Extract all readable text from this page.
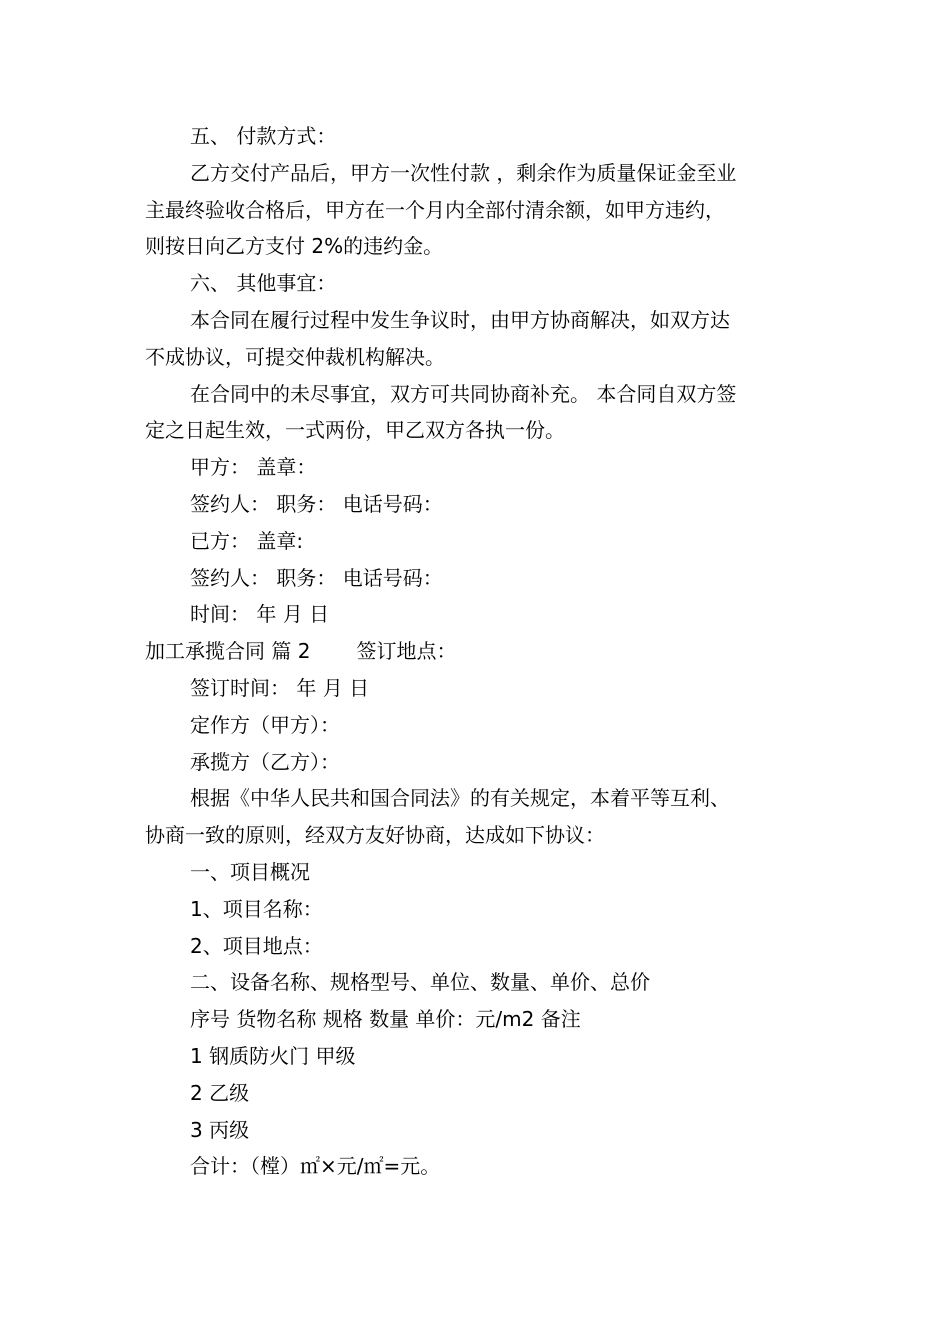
五、 付款方式：
乙方交付产品后，甲方一次性付款 ，剩余作为质量保证金至业
主最终验收合格后，甲方在一个月内全部付清余额，如甲方违约，
则按日向乙方支付 2%的违约金。
六、 其他事宜：
本合同在履行过程中发生争议时，由甲方协商解决，如双方达
不成协议，可提交仲裁机构解决。
在合同中的未尽事宜，双方可共同协商补充。 本合同自双方签
定之日起生效，一式两份，甲乙双方各执一份。
甲方： 盖章：
签约人： 职务： 电话号码：
已方： 盖章:
签约人： 职务： 电话号码：
时间： 年 月 日
加工承揽合同 篇 2 签订地点：
签订时间： 年 月 日
定作方（甲方）：
承揽方（乙方）：
根据《中华人民共和国合同法》的有关规定，本着平等互利、
协商一致的原则，经双方友好协商，达成如下协议：
一、项目概况
1、项目名称：
2、项目地点：
二、设备名称、规格型号、单位、数量、单价、总价
序号 货物名称 规格 数量 单价：元/m2 备注
1 钢质防火门 甲级
2 乙级
3 丙级
合计：（樘）㎡×元/㎡=元。
